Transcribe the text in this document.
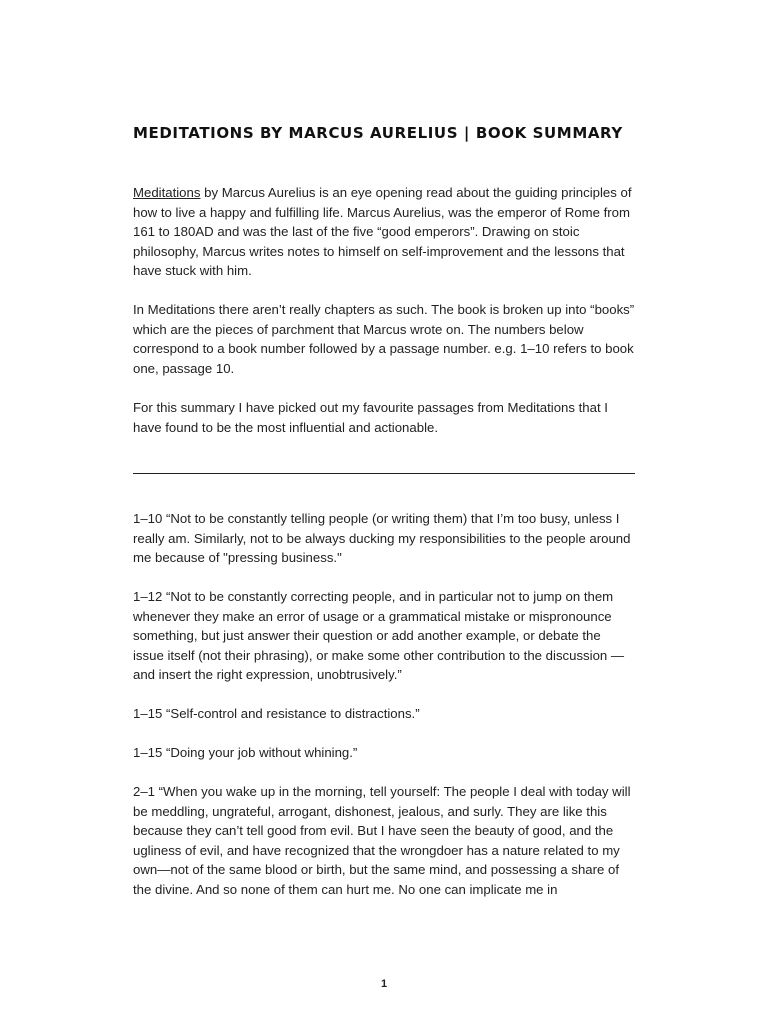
MEDITATIONS BY MARCUS AURELIUS | BOOK SUMMARY

Meditations by Marcus Aurelius is an eye opening read about the guiding principles of how to live a happy and fulfilling life. Marcus Aurelius, was the emperor of Rome from 161 to 180AD and was the last of the five “good emperors”. Drawing on stoic philosophy, Marcus writes notes to himself on self-improvement and the lessons that have stuck with him.

In Meditations there aren’t really chapters as such. The book is broken up into “books” which are the pieces of parchment that Marcus wrote on. The numbers below correspond to a book number followed by a passage number. e.g. 1–10 refers to book one, passage 10.

For this summary I have picked out my favourite passages from Meditations that I have found to be the most influential and actionable.

1–10 “Not to be constantly telling people (or writing them) that I’m too busy, unless I really am. Similarly, not to be always ducking my responsibilities to the people around me because of "pressing business."

1–12 “Not to be constantly correcting people, and in particular not to jump on them whenever they make an error of usage or a grammatical mistake or mispronounce something, but just answer their question or add another example, or debate the issue itself (not their phrasing), or make some other contribution to the discussion —and insert the right expression, unobtrusively.”

1–15 “Self-control and resistance to distractions.”

1–15 “Doing your job without whining.”

2–1 “When you wake up in the morning, tell yourself: The people I deal with today will be meddling, ungrateful, arrogant, dishonest, jealous, and surly. They are like this because they can’t tell good from evil. But I have seen the beauty of good, and the ugliness of evil, and have recognized that the wrongdoer has a nature related to my own—not of the same blood or birth, but the same mind, and possessing a share of the divine. And so none of them can hurt me. No one can implicate me in

1
